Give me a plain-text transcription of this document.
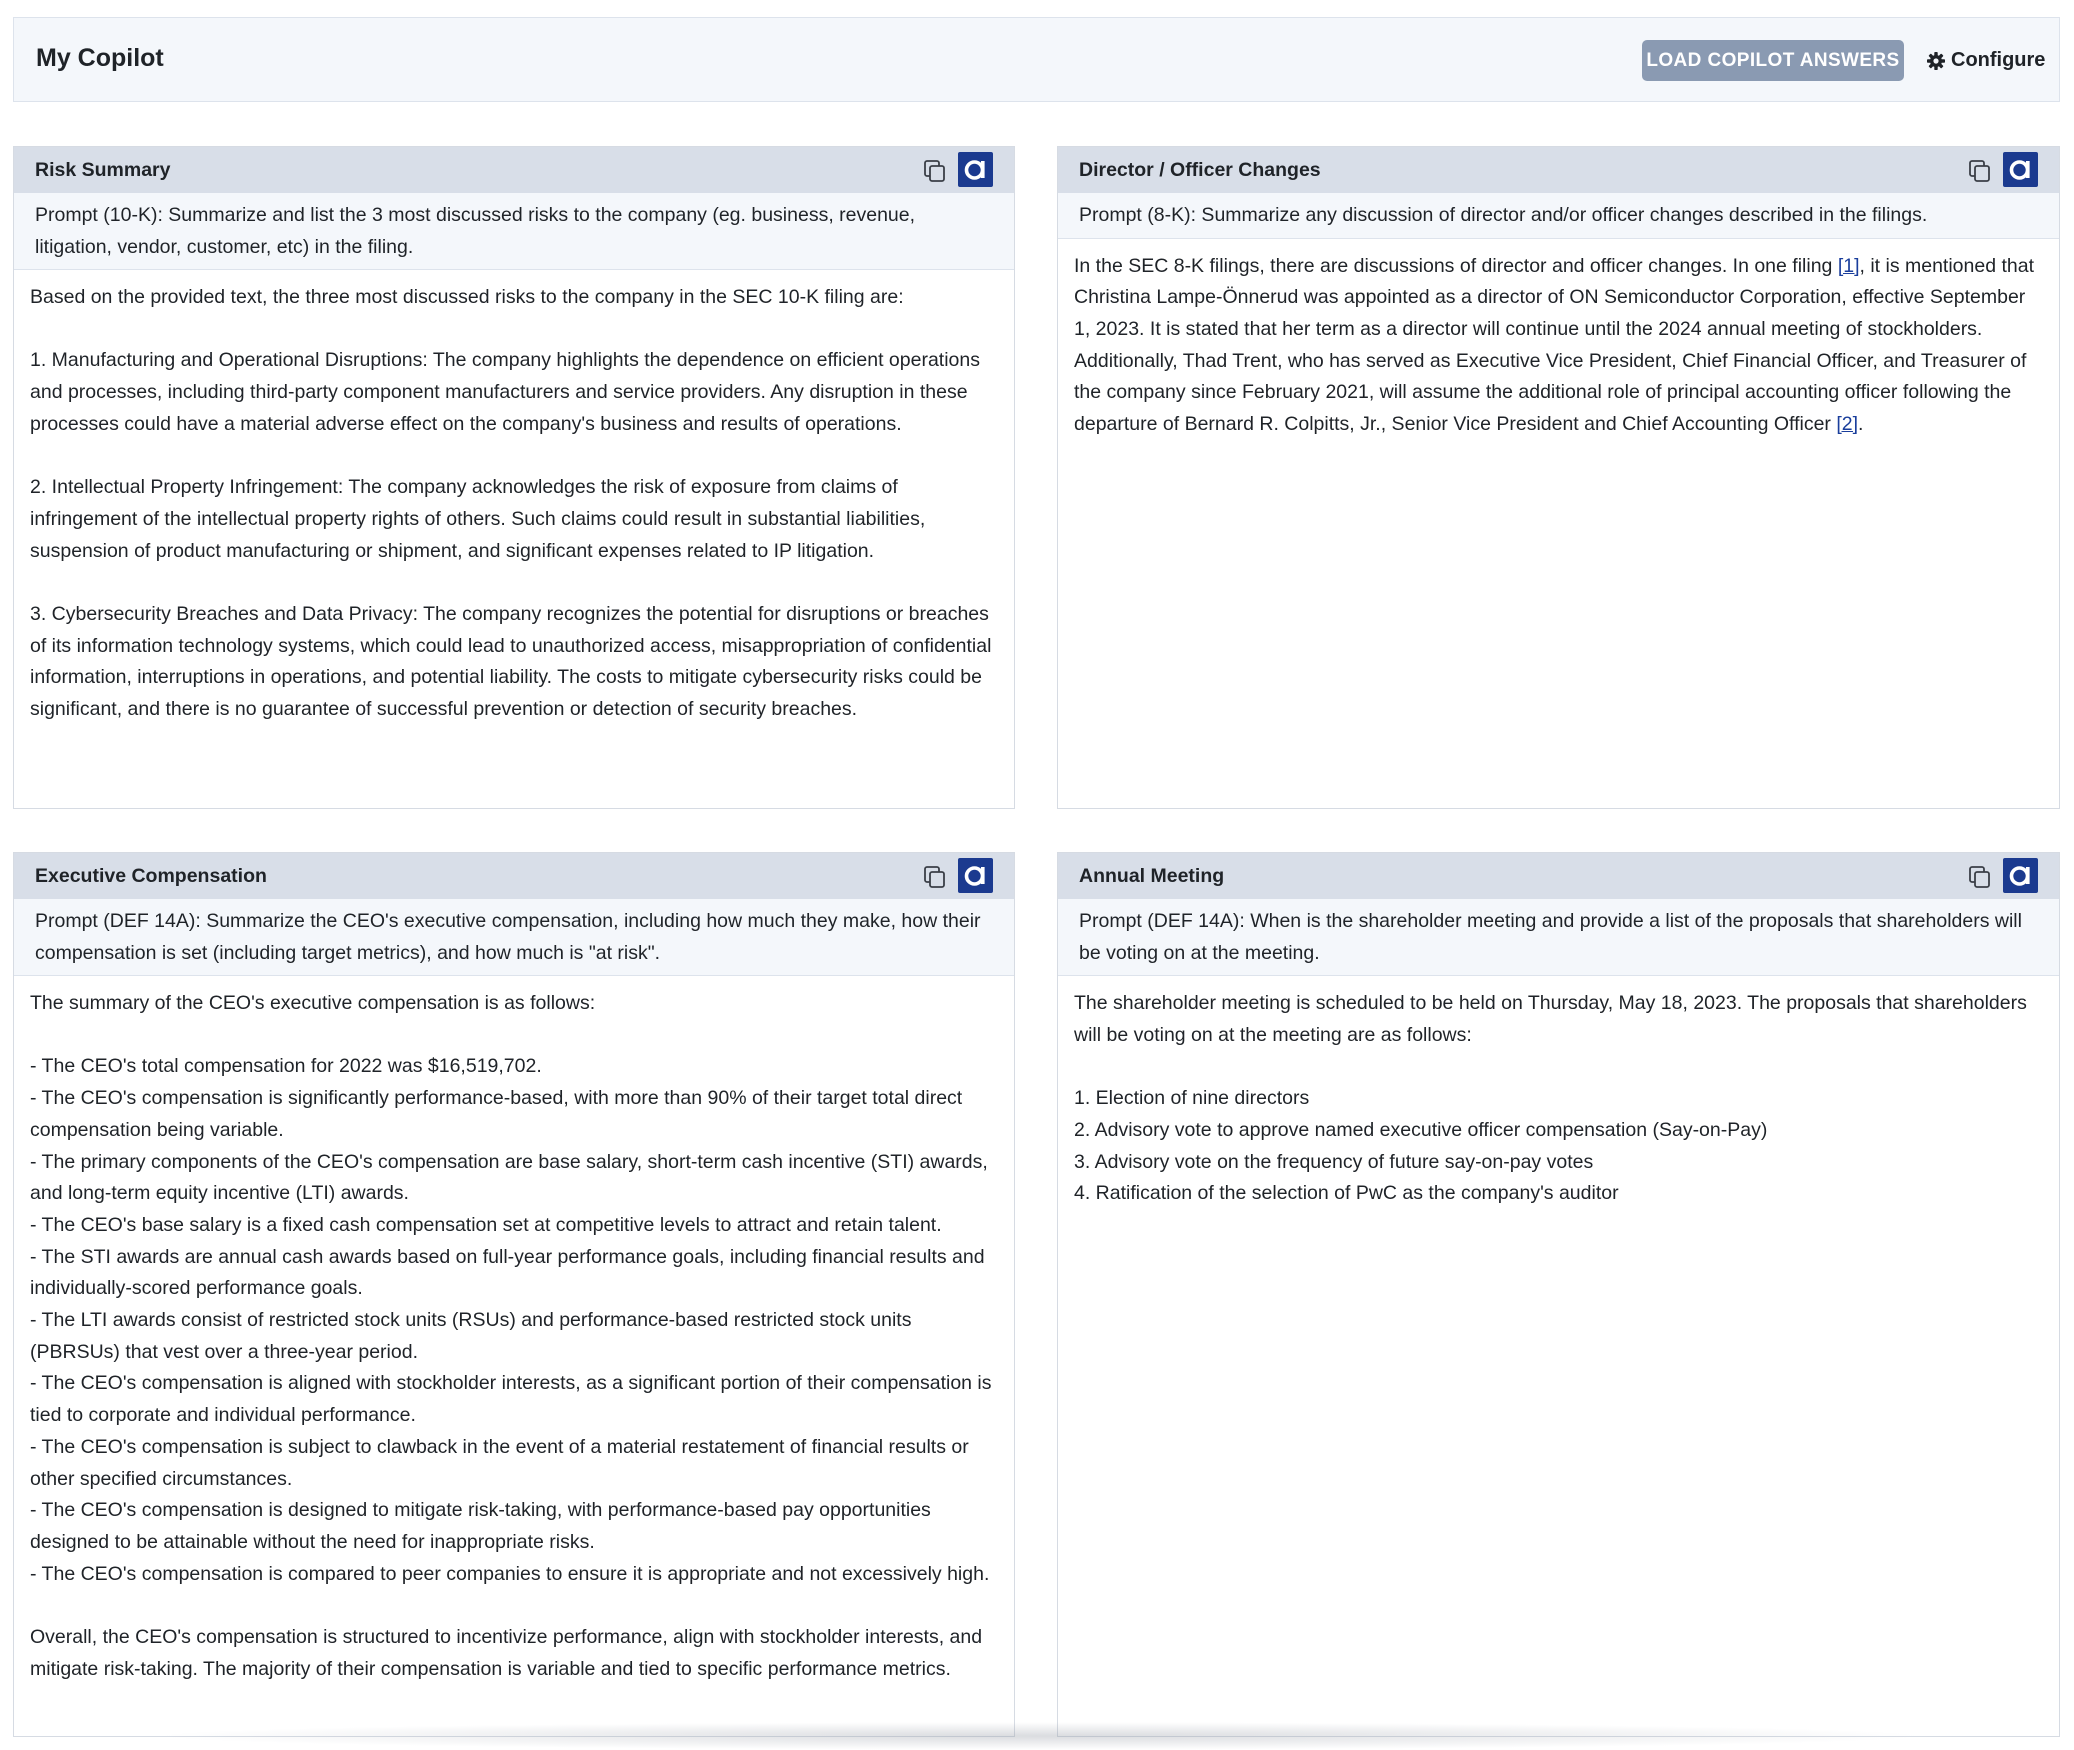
My Copilot	LOAD COPILOT ANSWERS	Configure
Risk Summary
Prompt (10-K): Summarize and list the 3 most discussed risks to the company (eg. business, revenue, litigation, vendor, customer, etc) in the filing.
Based on the provided text, the three most discussed risks to the company in the SEC 10-K filing are:

1. Manufacturing and Operational Disruptions: The company highlights the dependence on efficient operations and processes, including third-party component manufacturers and service providers. Any disruption in these processes could have a material adverse effect on the company's business and results of operations.

2. Intellectual Property Infringement: The company acknowledges the risk of exposure from claims of infringement of the intellectual property rights of others. Such claims could result in substantial liabilities, suspension of product manufacturing or shipment, and significant expenses related to IP litigation.

3. Cybersecurity Breaches and Data Privacy: The company recognizes the potential for disruptions or breaches of its information technology systems, which could lead to unauthorized access, misappropriation of confidential information, interruptions in operations, and potential liability. The costs to mitigate cybersecurity risks could be significant, and there is no guarantee of successful prevention or detection of security breaches.
Director / Officer Changes
Prompt (8-K): Summarize any discussion of director and/or officer changes described in the filings.
In the SEC 8-K filings, there are discussions of director and officer changes. In one filing [1], it is mentioned that Christina Lampe-Önnerud was appointed as a director of ON Semiconductor Corporation, effective September 1, 2023. It is stated that her term as a director will continue until the 2024 annual meeting of stockholders. Additionally, Thad Trent, who has served as Executive Vice President, Chief Financial Officer, and Treasurer of the company since February 2021, will assume the additional role of principal accounting officer following the departure of Bernard R. Colpitts, Jr., Senior Vice President and Chief Accounting Officer [2].
Executive Compensation
Prompt (DEF 14A): Summarize the CEO's executive compensation, including how much they make, how their compensation is set (including target metrics), and how much is "at risk".
The summary of the CEO's executive compensation is as follows:

- The CEO's total compensation for 2022 was $16,519,702.
- The CEO's compensation is significantly performance-based, with more than 90% of their target total direct compensation being variable.
- The primary components of the CEO's compensation are base salary, short-term cash incentive (STI) awards, and long-term equity incentive (LTI) awards.
- The CEO's base salary is a fixed cash compensation set at competitive levels to attract and retain talent.
- The STI awards are annual cash awards based on full-year performance goals, including financial results and individually-scored performance goals.
- The LTI awards consist of restricted stock units (RSUs) and performance-based restricted stock units (PBRSUs) that vest over a three-year period.
- The CEO's compensation is aligned with stockholder interests, as a significant portion of their compensation is tied to corporate and individual performance.
- The CEO's compensation is subject to clawback in the event of a material restatement of financial results or other specified circumstances.
- The CEO's compensation is designed to mitigate risk-taking, with performance-based pay opportunities designed to be attainable without the need for inappropriate risks.
- The CEO's compensation is compared to peer companies to ensure it is appropriate and not excessively high.

Overall, the CEO's compensation is structured to incentivize performance, align with stockholder interests, and mitigate risk-taking. The majority of their compensation is variable and tied to specific performance metrics.
Annual Meeting
Prompt (DEF 14A): When is the shareholder meeting and provide a list of the proposals that shareholders will be voting on at the meeting.
The shareholder meeting is scheduled to be held on Thursday, May 18, 2023. The proposals that shareholders will be voting on at the meeting are as follows:

1. Election of nine directors
2. Advisory vote to approve named executive officer compensation (Say-on-Pay)
3. Advisory vote on the frequency of future say-on-pay votes
4. Ratification of the selection of PwC as the company's auditor
